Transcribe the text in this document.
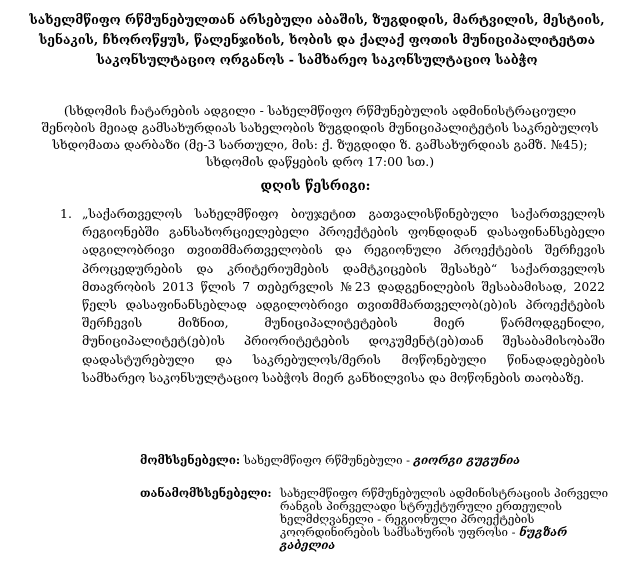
სახელმწიფო რწმუნებულთან არსებული აბაშის, ზუგდიდის, მარტვილის, მესტიის, სენაკის, ჩხოროწყუს, წალენჯიხის, ხობის და ქალაქ ფოთის მუნიციპალიტეტთა საკონსულტაციო ორგანოს - სამხარეო საკონსულტაციო საბჭო
(სხდომის ჩატარების ადგილი - სახელმწიფო რწმუნებულის ადმინისტრაციული შენობის მეიად გამსახურდიას სახელობის ზუგდიდის მუნიციპალიტეტის საკრებულოს სხდომათა დარბაზი (მე-3 სართული, მის: ქ. ზუგდიდი ზ. გამსახურდიას გამზ. №45); სხდომის დაწყების დრო 17:00 სთ.)
დღის წესრიგი:
1. „საქართველოს სახელმწიფო ბიუჯეტით გათვალისწინებული საქართველოს რეგიონებში განსახორციელებელი პროექტების ფონდიდან დასაფინანსებელი ადგილობრივი თვითმმართველობის და რეგიონული პროექტების შერჩევის პროცედურების და კრიტერიუმების დამტკიცების შესახებ“ საქართველოს მთავრობის 2013 წლის 7 თებერვლის №23 დადგენილების შესაბამისად, 2022 წელს დასაფინანსებლად ადგილობრივი თვითმმართველობ(ებ)ის პროექტების შერჩევის მიზნით, მუნიციპალიტეტების მიერ წარმოდგენილი, მუნიციპალიტეტ(ებ)ის პრიორიტეტების დოკუმენტ(ებ)თან შესაბამისობაში დადასტურებული და საკრებულოს/მერის მოწონებული წინადადებების სამხარეო საკონსულტაციო საბჭოს მიერ განხილვისა და მოწონების თაობაზე.
მომხსენებელი: სახელმწიფო რწმუნებული - გიორგი გუგუნია
თანამომხსენებელი: სახელმწიფო რწმუნებულის ადმინისტრაციის პირველი რანგის პირველადი სტრუქტურული ერთეულის ხელმძღვანელი - რეგიონული პროექტების კოორდინირების სამსახურის უფროსი - ნუგზარ გაბელია
